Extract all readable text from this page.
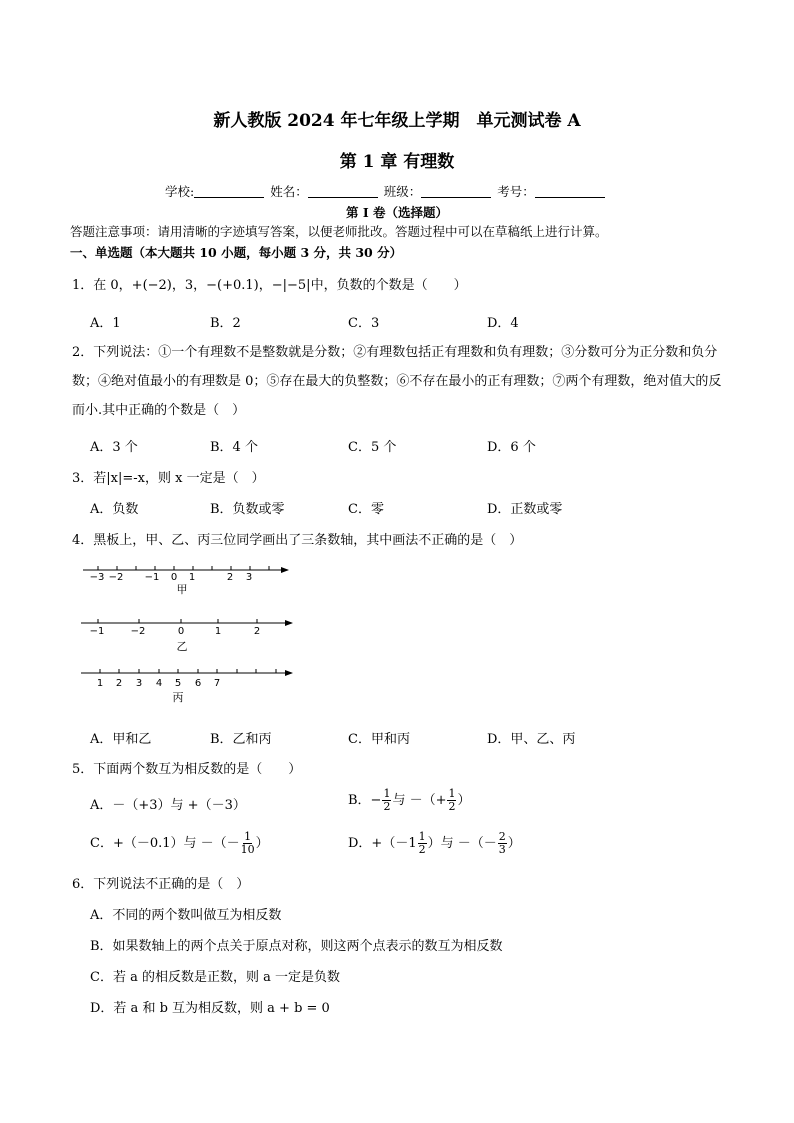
新人教版 2024 年七年级上学期　单元测试卷 A
第 1 章 有理数
学校:	姓名：	班级：	考号：
第 I 卷（选择题）
答题注意事项：请用清晰的字迹填写答案，以便老师批改。答题过程中可以在草稿纸上进行计算。
一、单选题（本大题共 10 小题，每小题 3 分，共 30 分）
1．在 0，+(−2)，3，−(+0.1)，−|−5|中，负数的个数是（　　）
A．1	B．2	C．3	D．4
2．下列说法：①一个有理数不是整数就是分数；②有理数包括正有理数和负有理数；③分数可分为正分数和负分数；④绝对值最小的有理数是 0；⑤存在最大的负整数；⑥不存在最小的正有理数；⑦两个有理数，绝对值大的反而小.其中正确的个数是（　）
A．3 个	B．4 个	C．5 个	D．6 个
3．若|x|=-x，则 x 一定是（　）
A．负数	B．负数或零	C．零	D．正数或零
4．黑板上，甲、乙、丙三位同学画出了三条数轴，其中画法不正确的是（　）
−3 −2 −1 0 1	2 3
甲
−1	−2	0	1	2
乙
1 2 3 4 5 6 7
丙
A．甲和乙	B．乙和丙	C．甲和丙	D．甲、乙、丙
5．下面两个数互为相反数的是（　　）
A．－（+3）与 +（－3）	B．− $\frac{1}{2}$ 与 －（+ $\frac{1}{2}$ ）
C．+（－0.1）与 －（－ $\frac{1}{10}$ ）	D．$+(-1 \frac{1}{2}$ ）与 －（－ $\frac{2}{3}$ ）
6．下列说法不正确的是（　）
A．不同的两个数叫做互为相反数
B．如果数轴上的两个点关于原点对称，则这两个点表示的数互为相反数
C．若 a 的相反数是正数，则 a 一定是负数
D．若 a 和 b 互为相反数，则 a + b = 0
